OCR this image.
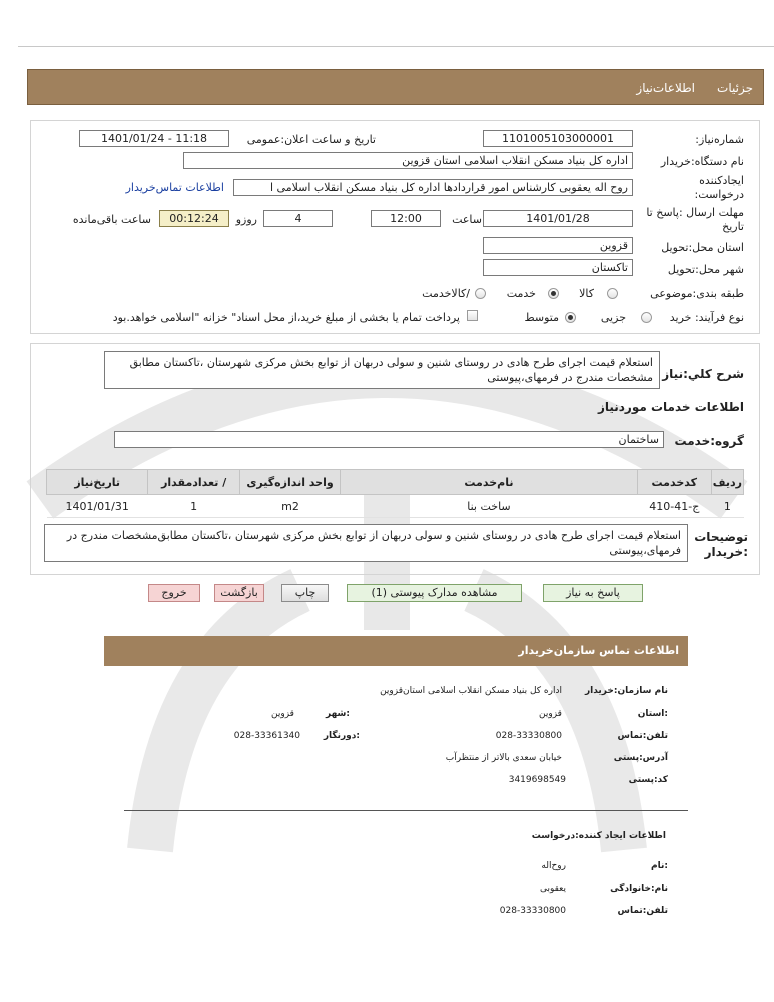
جزئیات
اطلاعات‌نیاز
شماره‌نیاز:
1101005103000001
تاریخ و ساعت اعلان:عمومی
1401/01/24 - 11:18
نام دستگاه:خریدار
اداره کل بنیاد مسکن انقلاب اسلامی استان قزوین
ایجادکننده
درخواست:
روح اله یعقوبی کارشناس امور قراردادها اداره کل بنیاد مسکن انقلاب اسلامی ا
اطلاعات تماس‌خریدار
مهلت ارسال :پاسخ تا
تاریخ
1401/01/28
ساعت
12:00
4
روزو
00:12:24
ساعت باقی‌مانده
استان محل:تحویل
قزوین
شهر محل:تحویل
تاکستان
طبقه بندی:موضوعی
کالا
خدمت
/کالاخدمت
نوع فرآیند: خرید
جزیی
متوسط
پرداخت تمام یا بخشی از مبلغ خرید،از محل اسناد" خزانه "اسلامی خواهد.بود
شرح کلي:نیاز
استعلام قیمت اجرای طرح هادی در روستای شنین و سولی دربهان از توابع بخش مرکزی شهرستان ،تاکستان مطابق مشخصات مندرج در فرمهای،پیوستی
اطلاعات خدمات موردنیاز
گروه:خدمت
ساختمان
ردیف	کدخدمت	نام‌خدمت	واحد اندازه‌گیری	/ تعدادمقدار	تاریخ‌نیاز
1	ج-41-410	ساخت بنا	m2	1	1401/01/31
توضیحات
:خریدار
استعلام قیمت اجرای طرح هادی در روستای شنین و سولی دربهان از توابع بخش مرکزی شهرستان ،تاکستان مطابق‌مشخصات مندرج در فرمهای،پیوستی
پاسخ به نیاز
مشاهده مدارک پیوستی (1)
چاپ
بازگشت
خروج
اطلاعات تماس سازمان‌خریدار
نام سازمان:خریدار
اداره کل بنیاد مسکن انقلاب اسلامی استان‌قزوین
:استان
قزوین
:شهر
قزوین
تلفن:تماس
028-33330800
:دورنگار
028-33361340
آدرس:پستی
خیابان سعدی بالاتر از منتظرآب
کد:پستی
3419698549
اطلاعات ایجاد کننده:درخواست
:نام
روح‌اله
نام:خانوادگی
یعقوبی
تلفن:تماس
028-33330800
